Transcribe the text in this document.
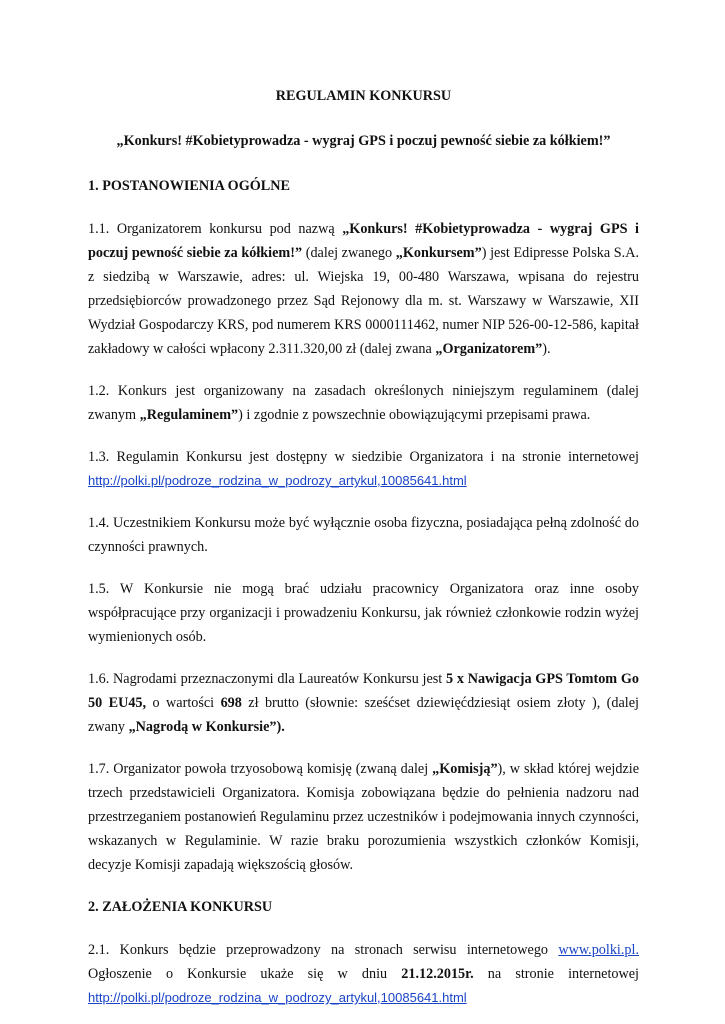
REGULAMIN KONKURSU
„Konkurs! #Kobietyprowadza - wygraj GPS i poczuj pewność siebie za kółkiem!”
1. POSTANOWIENIA OGÓLNE

1.1. Organizatorem konkursu pod nazwą „Konkurs! #Kobietyprowadza - wygraj GPS i poczuj pewność siebie za kółkiem!” (dalej zwanego „Konkursem”) jest Edipresse Polska S.A. z siedzibą w Warszawie, adres: ul. Wiejska 19, 00-480 Warszawa, wpisana do rejestru przedsiębiorców prowadzonego przez Sąd Rejonowy dla m. st. Warszawy w Warszawie, XII Wydział Gospodarczy KRS, pod numerem KRS 0000111462, numer NIP 526-00-12-586, kapitał zakładowy w całości wpłacony 2.311.320,00 zł (dalej zwana „Organizatorem”).

1.2. Konkurs jest organizowany na zasadach określonych niniejszym regulaminem (dalej zwanym „Regulaminem”) i zgodnie z powszechnie obowiązującymi przepisami prawa.

1.3. Regulamin Konkursu jest dostępny w siedzibie Organizatora i na stronie internetowej http://polki.pl/podroze_rodzina_w_podrozy_artykul,10085641.html

1.4. Uczestnikiem Konkursu może być wyłącznie osoba fizyczna, posiadająca pełną zdolność do czynności prawnych.

1.5. W Konkursie nie mogą brać udziału pracownicy Organizatora oraz inne osoby współpracujące przy organizacji i prowadzeniu Konkursu, jak również członkowie rodzin wyżej wymienionych osób.

1.6. Nagrodami przeznaczonymi dla Laureatów Konkursu jest 5 x Nawigacja GPS Tomtom Go 50 EU45, o wartości 698 zł brutto (słownie: sześćset dziewięćdziesiąt osiem złoty ), (dalej zwany „Nagrodą w Konkursie”).

1.7. Organizator powoła trzyosobową komisję (zwaną dalej „Komisją”), w skład której wejdzie trzech przedstawicieli Organizatora. Komisja zobowiązana będzie do pełnienia nadzoru nad przestrzeganiem postanowień Regulaminu przez uczestników i podejmowania innych czynności, wskazanych w Regulaminie. W razie braku porozumienia wszystkich członków Komisji, decyzje Komisji zapadają większością głosów.

2. ZAŁOŻENIA KONKURSU

2.1. Konkurs będzie przeprowadzony na stronach serwisu internetowego www.polki.pl. Ogłoszenie o Konkursie ukaże się w dniu 21.12.2015r. na stronie internetowej

http://polki.pl/podroze_rodzina_w_podrozy_artykul,10085641.html
